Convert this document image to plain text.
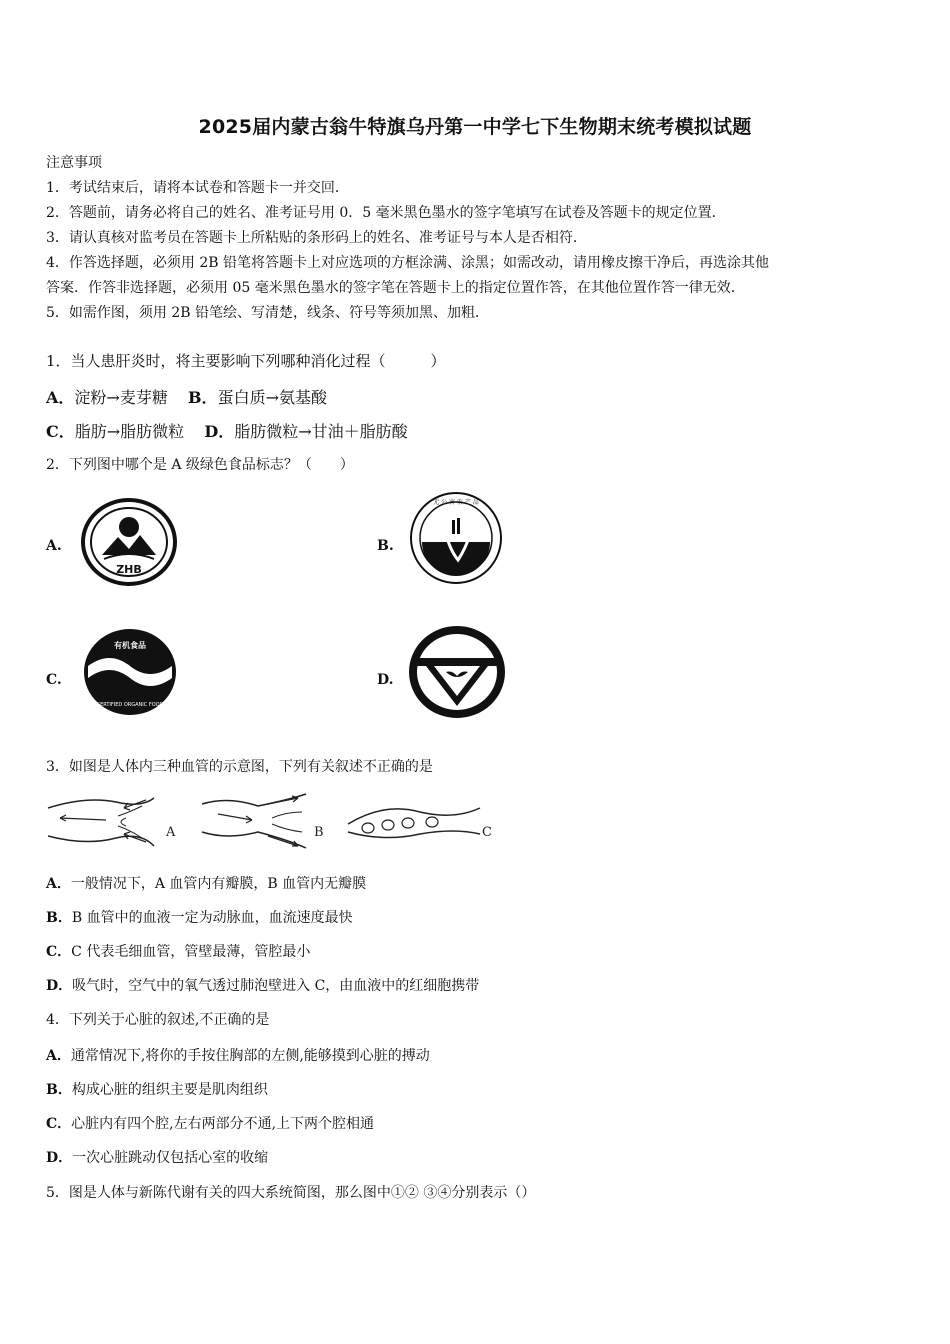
2025届内蒙古翁牛特旗乌丹第一中学七下生物期末统考模拟试题
注意事项
1．考试结束后，请将本试卷和答题卡一并交回．
2．答题前，请务必将自己的姓名、准考证号用 0．5 毫米黑色墨水的签字笔填写在试卷及答题卡的规定位置．
3．请认真核对监考员在答题卡上所粘贴的条形码上的姓名、准考证号与本人是否相符．
4．作答选择题，必须用 2B 铅笔将答题卡上对应选项的方框涂满、涂黑；如需改动，请用橡皮擦干净后，再选涂其他
答案．作答非选择题，必须用 05 毫米黑色墨水的签字笔在答题卡上的指定位置作答，在其他位置作答一律无效．
5．如需作图，须用 2B 铅笔绘、写清楚，线条、符号等须加黑、加粗．
1．当人患肝炎时，将主要影响下列哪种消化过程（　　　）
A．淀粉→麦芽糖 B．蛋白质→氨基酸
C．脂肪→脂肪微粒 D．脂肪微粒→甘油＋脂肪酸
2．下列图中哪个是 A 级绿色食品标志？（　　）
A.
ZHB
B.
无 公 害 农 产 品
C.
有机食品
CERTIFIED ORGANIC FOOD
D.
3．如图是人体内三种血管的示意图，下列有关叙述不正确的是
A	B	C
A．一般情况下，A 血管内有瓣膜，B 血管内无瓣膜
B．B 血管中的血液一定为动脉血，血流速度最快
C．C 代表毛细血管，管壁最薄，管腔最小
D．吸气时，空气中的氧气透过肺泡壁进入 C，由血液中的红细胞携带
4．下列关于心脏的叙述,不正确的是
A．通常情况下,将你的手按住胸部的左侧,能够摸到心脏的搏动
B．构成心脏的组织主要是肌肉组织
C．心脏内有四个腔,左右两部分不通,上下两个腔相通
D．一次心脏跳动仅包括心室的收缩
5．图是人体与新陈代谢有关的四大系统简图，那么图中①② ③④分别表示（）
